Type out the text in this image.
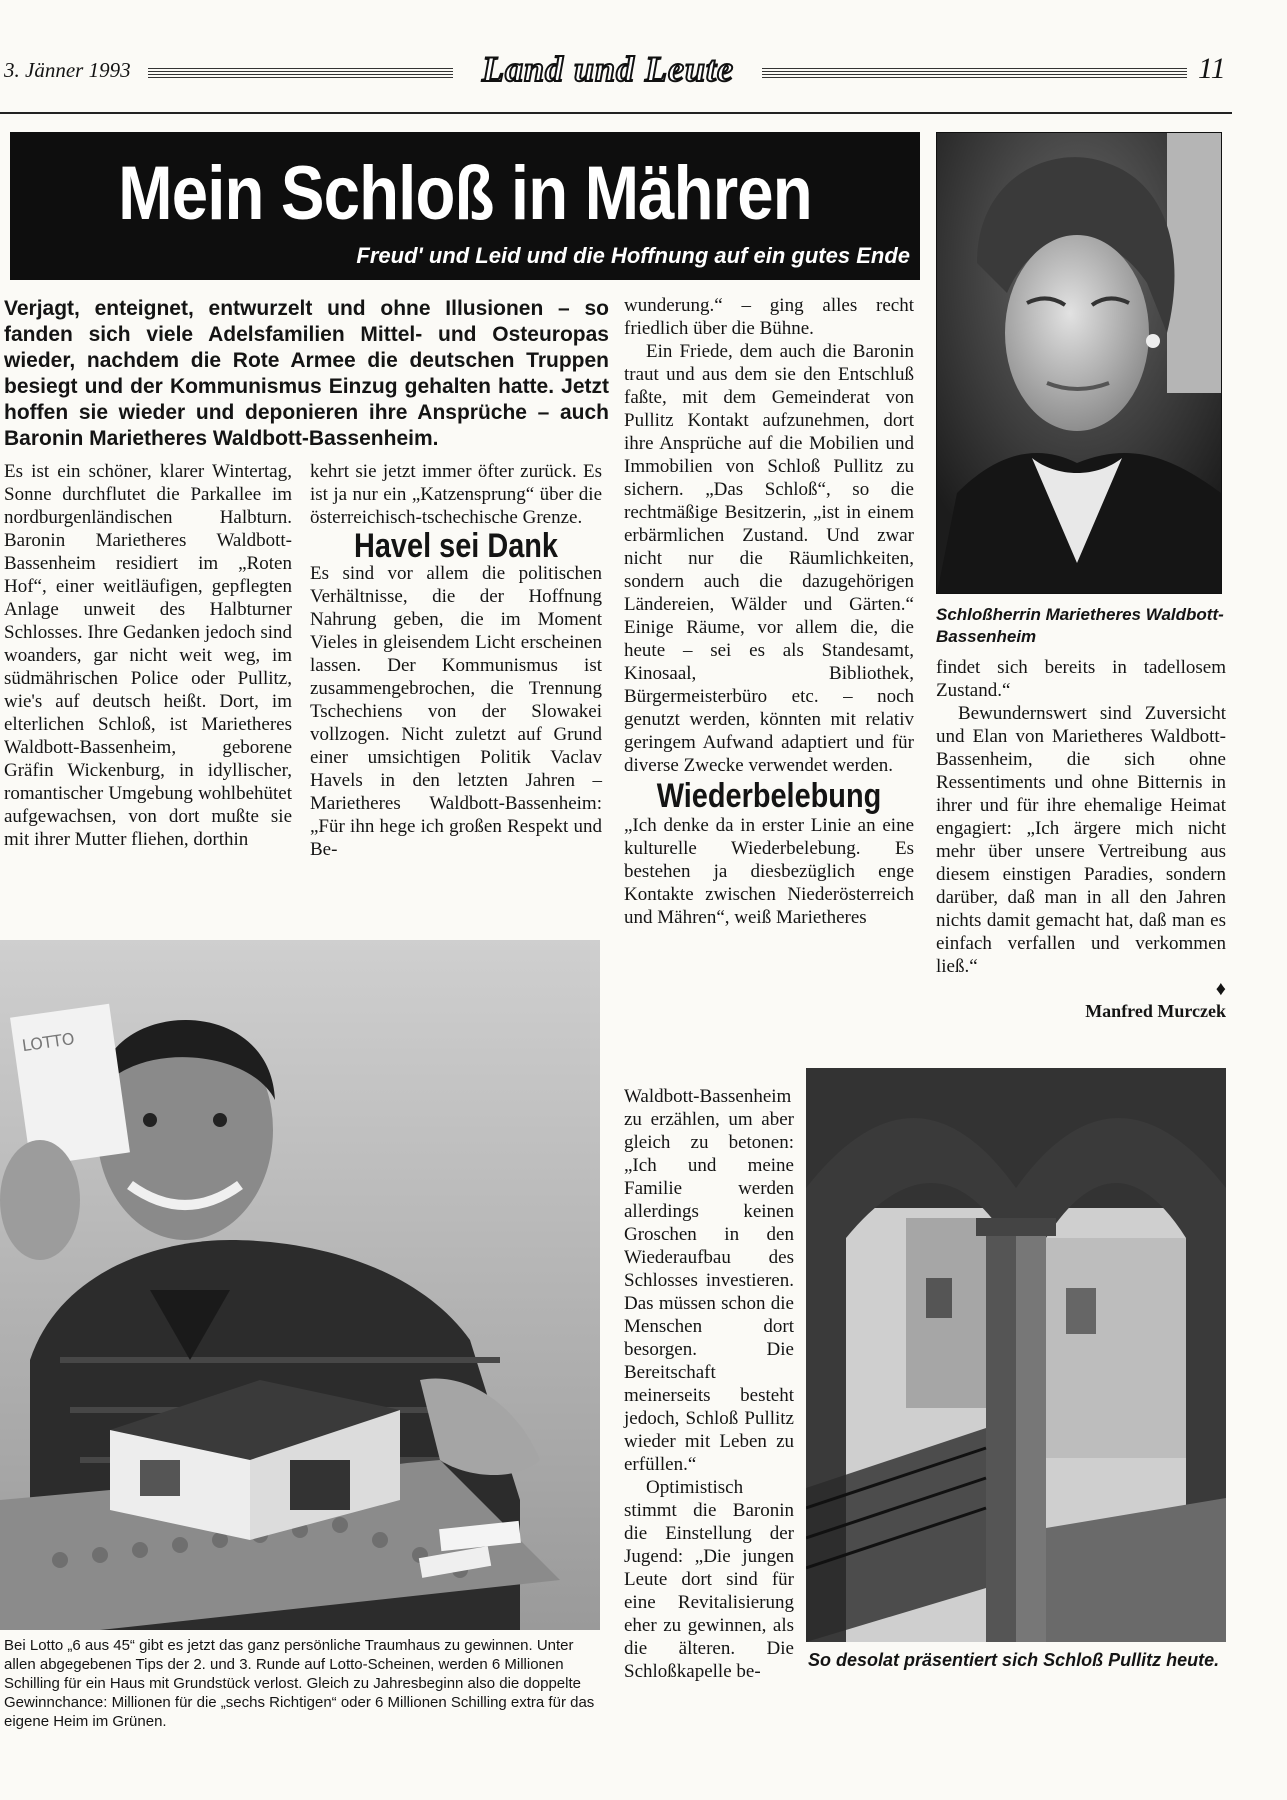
3. Jänner 1993	Land und Leute	11
Mein Schloß in Mähren
Freud' und Leid und die Hoffnung auf ein gutes Ende
Schloßherrin Marietheres Waldbott-Bassenheim
Verjagt, enteignet, entwurzelt und ohne Illusionen – so fanden sich viele Adelsfamilien Mittel- und Osteuropas wieder, nachdem die Rote Armee die deutschen Truppen besiegt und der Kommunismus Einzug gehalten hatte. Jetzt hoffen sie wieder und deponieren ihre Ansprüche – auch Baronin Marietheres Waldbott-Bassenheim.

Es ist ein schöner, klarer Wintertag, Sonne durchflutet die Parkallee im nordburgenländischen Halbturn. Baronin Marietheres Waldbott-Bassenheim residiert im „Roten Hof“, einer weitläufigen, gepflegten Anlage unweit des Halbturner Schlosses. Ihre Gedanken jedoch sind woanders, gar nicht weit weg, im südmährischen Police oder Pullitz, wie's auf deutsch heißt. Dort, im elterlichen Schloß, ist Marietheres Waldbott-Bassenheim, geborene Gräfin Wickenburg, in idyllischer, romantischer Umgebung wohlbehütet aufgewachsen, von dort mußte sie mit ihrer Mutter fliehen, dorthin

kehrt sie jetzt immer öfter zurück. Es ist ja nur ein „Katzensprung“ über die österreichisch-tschechische Grenze.

Havel sei Dank

Es sind vor allem die politischen Verhältnisse, die der Hoffnung Nahrung geben, die im Moment Vieles in gleisendem Licht erscheinen lassen. Der Kommunismus ist zusammengebrochen, die Trennung Tschechiens von der Slowakei vollzogen. Nicht zuletzt auf Grund einer umsichtigen Politik Vaclav Havels in den letzten Jahren – Marietheres Waldbott-Bassenheim: „Für ihn hege ich großen Respekt und Be-

wunderung.“ – ging alles recht friedlich über die Bühne.

Ein Friede, dem auch die Baronin traut und aus dem sie den Entschluß faßte, mit dem Gemeinderat von Pullitz Kontakt aufzunehmen, dort ihre Ansprüche auf die Mobilien und Immobilien von Schloß Pullitz zu sichern. „Das Schloß“, so die rechtmäßige Besitzerin, „ist in einem erbärmlichen Zustand. Und zwar nicht nur die Räumlichkeiten, sondern auch die dazugehörigen Ländereien, Wälder und Gärten.“ Einige Räume, vor allem die, die heute – sei es als Standesamt, Kinosaal, Bibliothek, Bürgermeisterbüro etc. – noch genutzt werden, könnten mit relativ geringem Aufwand adaptiert und für diverse Zwecke verwendet werden.

Wiederbelebung

„Ich denke da in erster Linie an eine kulturelle Wiederbelebung. Es bestehen ja diesbezüglich enge Kontakte zwischen Niederösterreich und Mähren“, weiß Marietheres

Waldbott-Bassenheim zu erzählen, um aber gleich zu betonen: „Ich und meine Familie werden allerdings keinen Groschen in den Wiederaufbau des Schlosses investieren. Das müssen schon die Menschen dort besorgen. Die Bereitschaft meinerseits besteht jedoch, Schloß Pullitz wieder mit Leben zu erfüllen.“

Optimistisch stimmt die Baronin die Einstellung der Jugend: „Die jungen Leute dort sind für eine Revitalisierung eher zu gewinnen, als die älteren. Die Schloßkapelle be-

findet sich bereits in tadellosem Zustand.“

Bewundernswert sind Zuversicht und Elan von Marietheres Waldbott-Bassenheim, die sich ohne Ressentiments und ohne Bitternis in ihrer und für ihre ehemalige Heimat engagiert: „Ich ärgere mich nicht mehr über unsere Vertreibung aus diesem einstigen Paradies, sondern darüber, daß man in all den Jahren nichts damit gemacht hat, daß man es einfach verfallen und verkommen ließ.“

♦
Manfred Murczek
LOTTO
Bei Lotto „6 aus 45“ gibt es jetzt das ganz persönliche Traumhaus zu gewinnen. Unter allen abgegebenen Tips der 2. und 3. Runde auf Lotto-Scheinen, werden 6 Millionen Schilling für ein Haus mit Grundstück verlost. Gleich zu Jahresbeginn also die doppelte Gewinnchance: Millionen für die „sechs Richtigen“ oder 6 Millionen Schilling extra für das eigene Heim im Grünen.
So desolat präsentiert sich Schloß Pullitz heute.
